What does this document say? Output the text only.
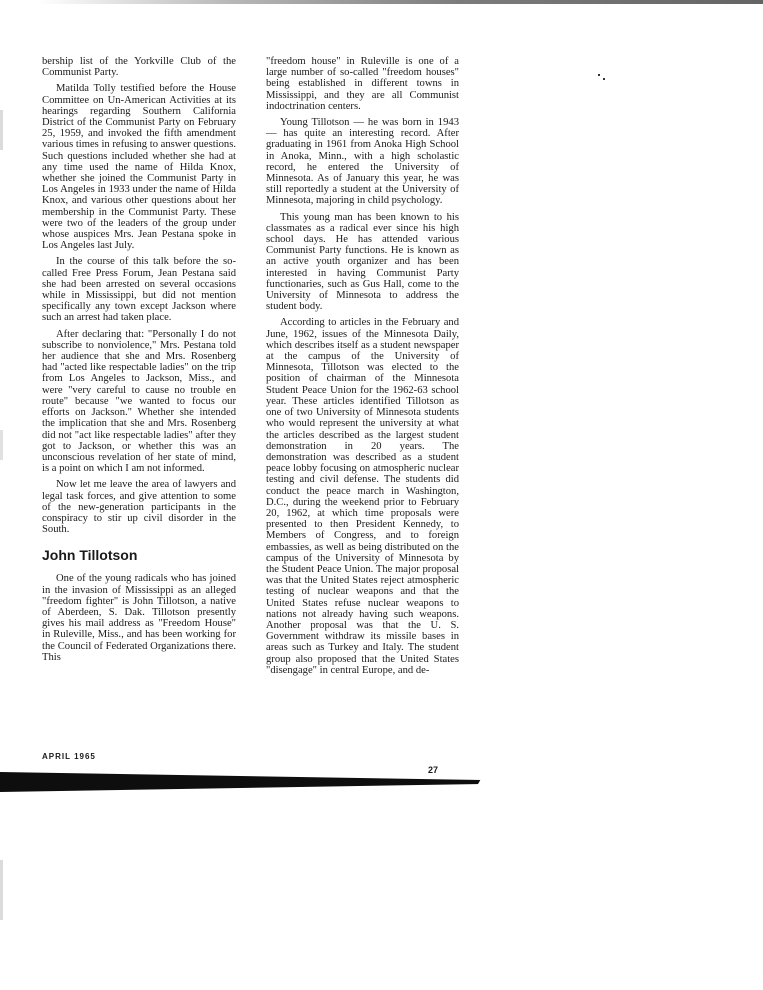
bership list of the Yorkville Club of the Communist Party.

Matilda Tolly testified before the House Committee on Un-American Activities at its hearings regarding Southern California District of the Communist Party on February 25, 1959, and invoked the fifth amendment various times in refusing to answer questions. Such questions included whether she had at any time used the name of Hilda Knox, whether she joined the Communist Party in Los Angeles in 1933 under the name of Hilda Knox, and various other questions about her membership in the Communist Party. These were two of the leaders of the group under whose auspices Mrs. Jean Pestana spoke in Los Angeles last July.

In the course of this talk before the so-called Free Press Forum, Jean Pestana said she had been arrested on several occasions while in Mississippi, but did not mention specifically any town except Jackson where such an arrest had taken place.

After declaring that: "Personally I do not subscribe to nonviolence," Mrs. Pestana told her audience that she and Mrs. Rosenberg had "acted like respectable ladies" on the trip from Los Angeles to Jackson, Miss., and were "very careful to cause no trouble en route" because "we wanted to focus our efforts on Jackson." Whether she intended the implication that she and Mrs. Rosenberg did not "act like respectable ladies" after they got to Jackson, or whether this was an unconscious revelation of her state of mind, is a point on which I am not informed.

Now let me leave the area of lawyers and legal task forces, and give attention to some of the new-generation participants in the conspiracy to stir up civil disorder in the South.

John Tillotson

One of the young radicals who has joined in the invasion of Mississippi as an alleged "freedom fighter" is John Tillotson, a native of Aberdeen, S. Dak. Tillotson presently gives his mail address as "Freedom House" in Ruleville, Miss., and has been working for the Council of Federated Organizations there. This

"freedom house" in Ruleville is one of a large number of so-called "freedom houses" being established in different towns in Mississippi, and they are all Communist indoctrination centers.

Young Tillotson — he was born in 1943 — has quite an interesting record. After graduating in 1961 from Anoka High School in Anoka, Minn., with a high scholastic record, he entered the University of Minnesota. As of January this year, he was still reportedly a student at the University of Minnesota, majoring in child psychology.

This young man has been known to his classmates as a radical ever since his high school days. He has attended various Communist Party functions. He is known as an active youth organizer and has been interested in having Communist Party functionaries, such as Gus Hall, come to the University of Minnesota to address the student body.

According to articles in the February and June, 1962, issues of the Minnesota Daily, which describes itself as a student newspaper at the campus of the University of Minnesota, Tillotson was elected to the position of chairman of the Minnesota Student Peace Union for the 1962-63 school year. These articles identified Tillotson as one of two University of Minnesota students who would represent the university at what the articles described as the largest student demonstration in 20 years. The demonstration was described as a student peace lobby focusing on atmospheric nuclear testing and civil defense. The students did conduct the peace march in Washington, D.C., during the weekend prior to February 20, 1962, at which time proposals were presented to then President Kennedy, to Members of Congress, and to foreign embassies, as well as being distributed on the campus of the University of Minnesota by the Student Peace Union. The major proposal was that the United States reject atmospheric testing of nuclear weapons and that the United States refuse nuclear weapons to nations not already having such weapons. Another proposal was that the U. S. Government withdraw its missile bases in areas such as Turkey and Italy. The student group also proposed that the United States "disengage" in central Europe, and de-

APRIL 1965
27
